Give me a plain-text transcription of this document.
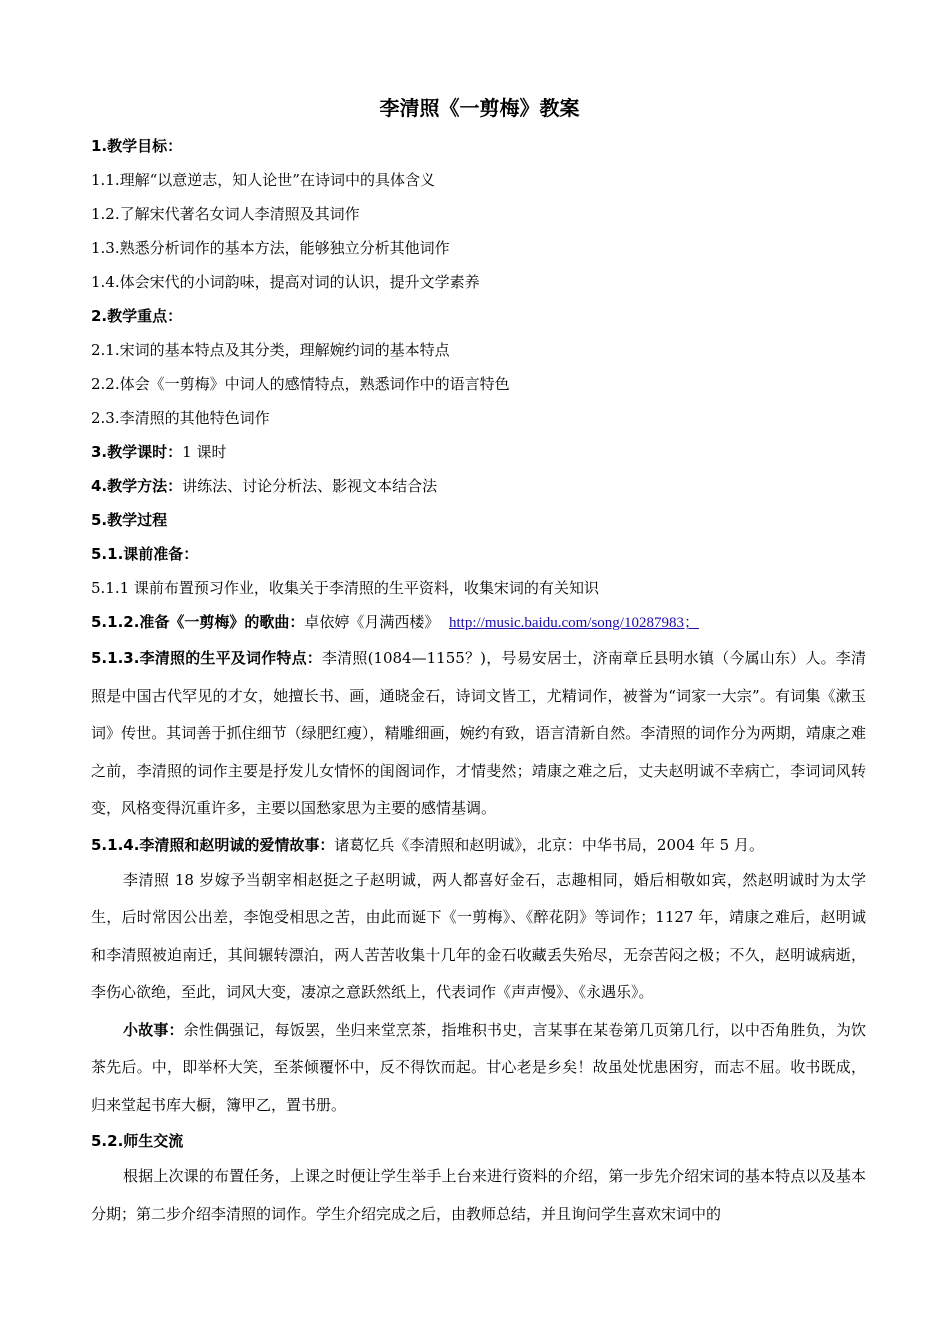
李清照《一剪梅》教案
1.教学目标：
1.1.理解“以意逆志，知人论世”在诗词中的具体含义
1.2.了解宋代著名女词人李清照及其词作
1.3.熟悉分析词作的基本方法，能够独立分析其他词作
1.4.体会宋代的小词韵味，提高对词的认识，提升文学素养
2.教学重点：
2.1.宋词的基本特点及其分类，理解婉约词的基本特点
2.2.体会《一剪梅》中词人的感情特点，熟悉词作中的语言特色
2.3.李清照的其他特色词作
3.教学课时：1 课时
4.教学方法：讲练法、讨论分析法、影视文本结合法
5.教学过程
5.1.课前准备：
5.1.1 课前布置预习作业，收集关于李清照的生平资料，收集宋词的有关知识
5.1.2.准备《一剪梅》的歌曲：卓依婷《月满西楼》 http://music.baidu.com/song/10287983；

5.1.3.李清照的生平及词作特点：李清照(1084—1155？)，号易安居士，济南章丘县明水镇（今属山东）人。李清照是中国古代罕见的才女，她擅长书、画，通晓金石，诗词文皆工，尤精词作，被誉为“词家一大宗”。有词集《漱玉词》传世。其词善于抓住细节（绿肥红瘦），精雕细画，婉约有致，语言清新自然。李清照的词作分为两期，靖康之难之前，李清照的词作主要是抒发儿女情怀的闺阁词作，才情斐然；靖康之难之后，丈夫赵明诚不幸病亡，李词词风转变，风格变得沉重许多，主要以国愁家思为主要的感情基调。

5.1.4.李清照和赵明诚的爱情故事：诸葛忆兵《李清照和赵明诚》，北京：中华书局，2004 年 5 月。

李清照 18 岁嫁予当朝宰相赵挺之子赵明诚，两人都喜好金石，志趣相同，婚后相敬如宾，然赵明诚时为太学生，后时常因公出差，李饱受相思之苦，由此而诞下《一剪梅》、《醉花阴》等词作；1127 年，靖康之难后，赵明诚和李清照被迫南迁，其间辗转漂泊，两人苦苦收集十几年的金石收藏丢失殆尽，无奈苦闷之极；不久，赵明诚病逝，李伤心欲绝，至此，词风大变，凄凉之意跃然纸上，代表词作《声声慢》、《永遇乐》。

小故事：余性偶强记，每饭罢，坐归来堂烹茶，指堆积书史，言某事在某卷第几页第几行，以中否角胜负，为饮茶先后。中，即举杯大笑，至茶倾覆怀中，反不得饮而起。甘心老是乡矣！故虽处忧患困穷，而志不屈。收书既成，归来堂起书库大橱，簿甲乙，置书册。

5.2.师生交流

根据上次课的布置任务，上课之时便让学生举手上台来进行资料的介绍，第一步先介绍宋词的基本特点以及基本分期；第二步介绍李清照的词作。学生介绍完成之后，由教师总结，并且询问学生喜欢宋词中的
